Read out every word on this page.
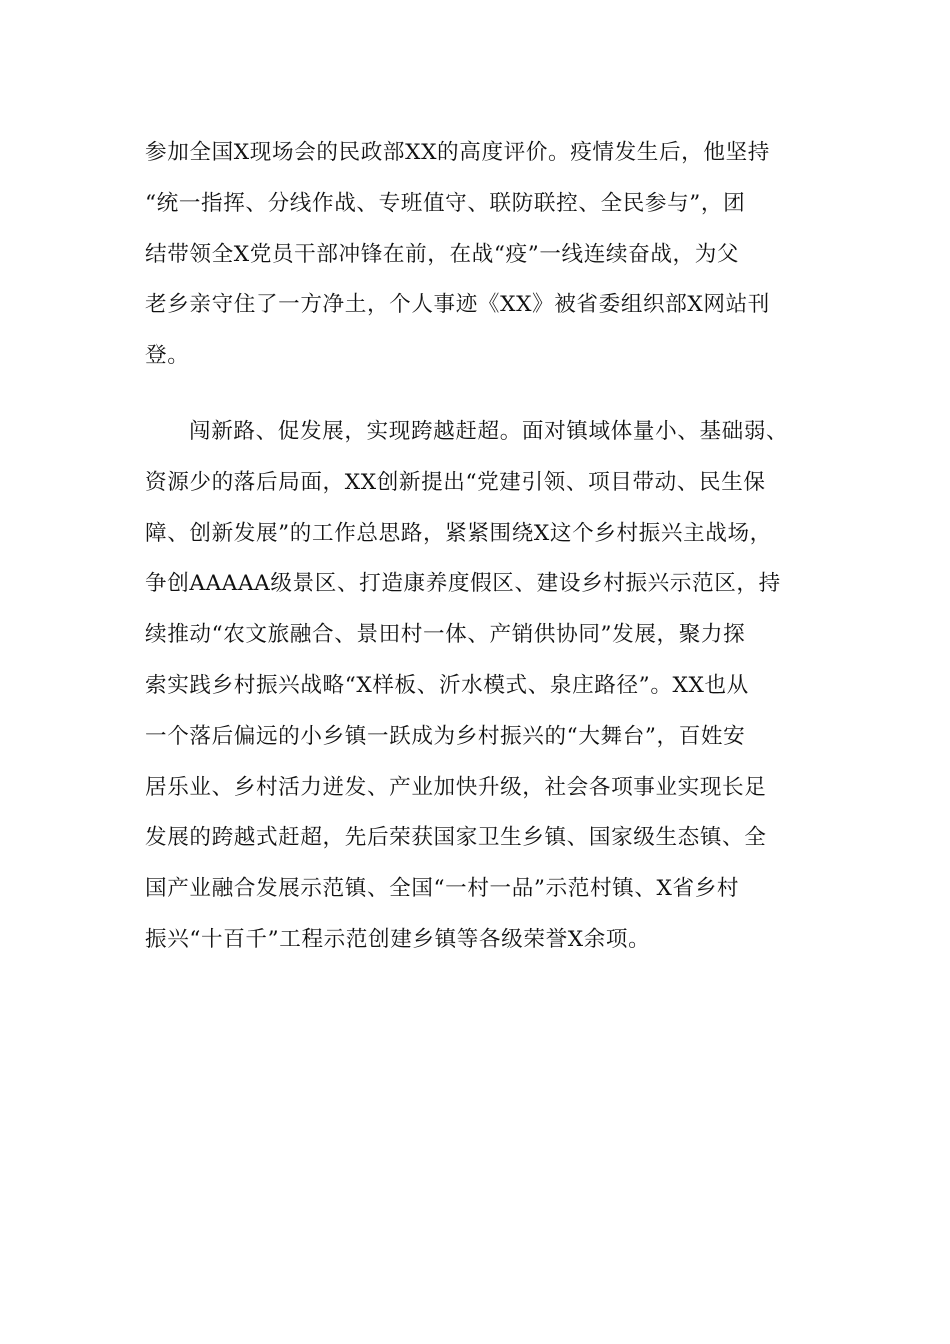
参加全国X现场会的民政部XX的高度评价。疫情发生后，他坚持
“统一指挥、分线作战、专班值守、联防联控、全民参与”，团
结带领全X党员干部冲锋在前，在战“疫”一线连续奋战，为父
老乡亲守住了一方净土，个人事迹《XX》被省委组织部X网站刊
登。
闯新路、促发展，实现跨越赶超。面对镇域体量小、基础弱、
资源少的落后局面，XX创新提出“党建引领、项目带动、民生保
障、创新发展”的工作总思路，紧紧围绕X这个乡村振兴主战场，
争创AAAAA级景区、打造康养度假区、建设乡村振兴示范区，持
续推动“农文旅融合、景田村一体、产销供协同”发展，聚力探
索实践乡村振兴战略“X样板、沂水模式、泉庄路径”。XX也从
一个落后偏远的小乡镇一跃成为乡村振兴的“大舞台”，百姓安
居乐业、乡村活力迸发、产业加快升级，社会各项事业实现长足
发展的跨越式赶超，先后荣获国家卫生乡镇、国家级生态镇、全
国产业融合发展示范镇、全国“一村一品”示范村镇、X省乡村
振兴“十百千”工程示范创建乡镇等各级荣誉X余项。
